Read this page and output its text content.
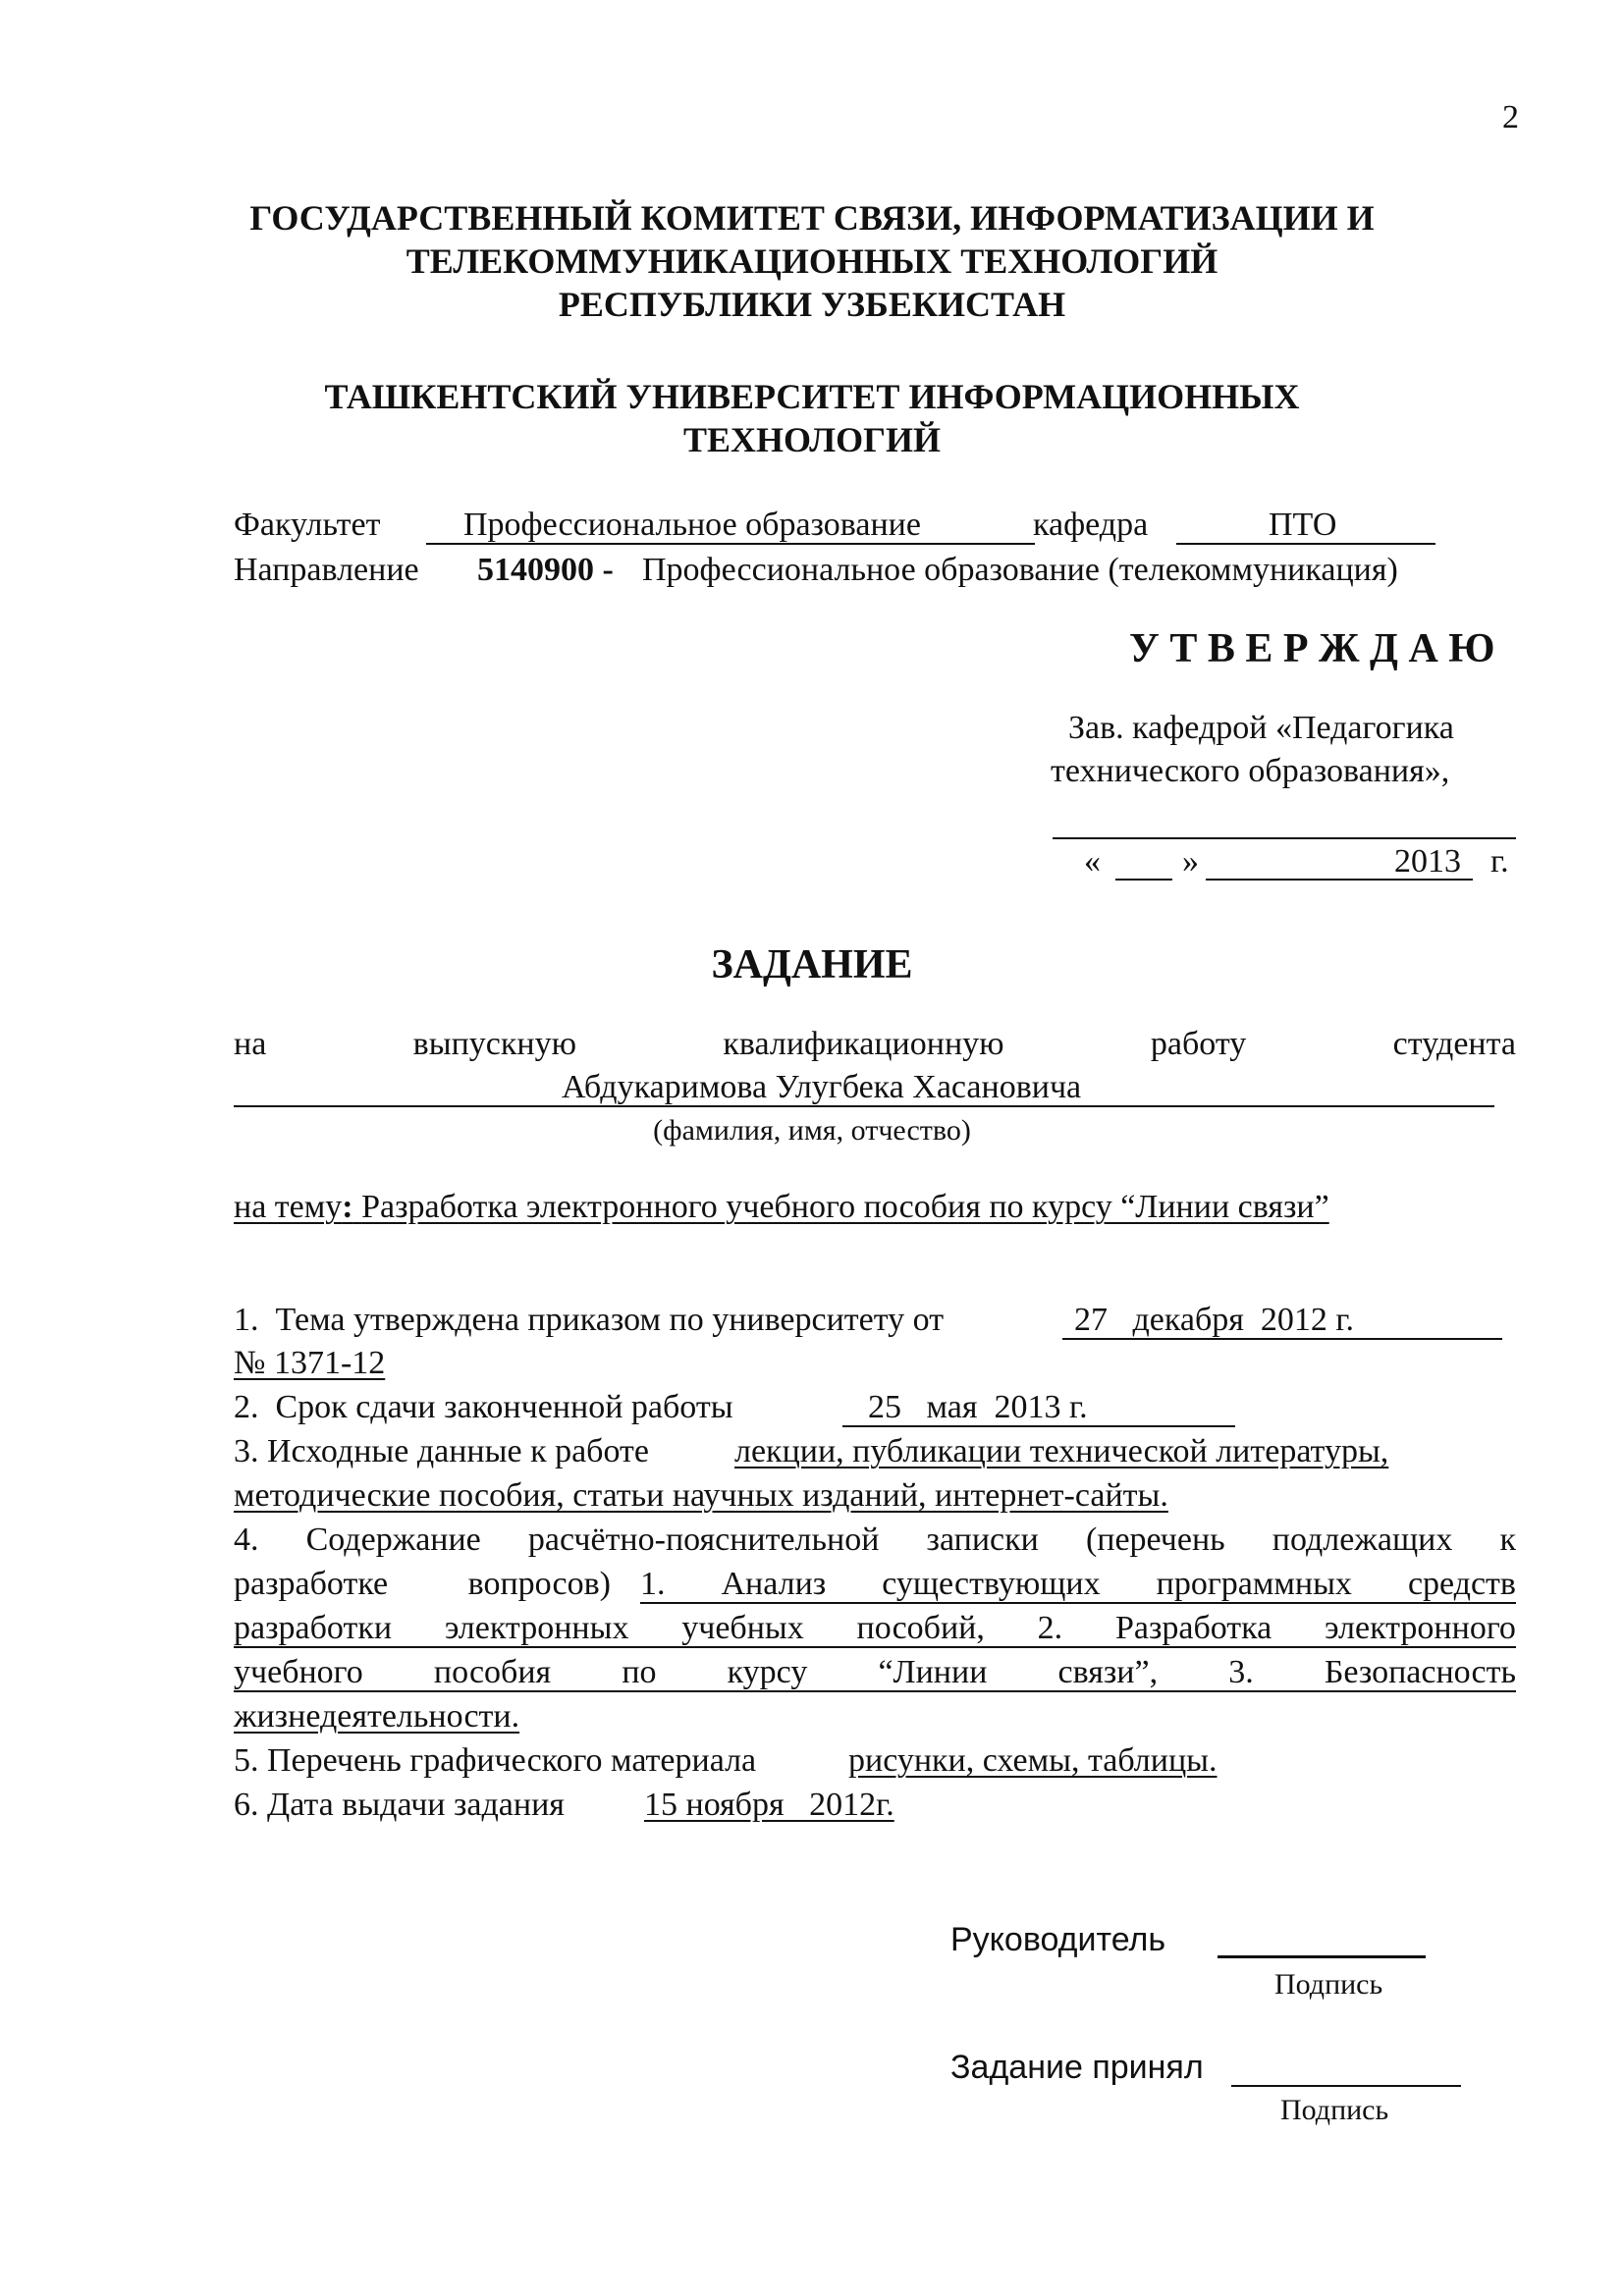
2
ГОСУДАРСТВЕННЫЙ КОМИТЕТ СВЯЗИ, ИНФОРМАТИЗАЦИИ И
ТЕЛЕКОММУНИКАЦИОННЫХ ТЕХНОЛОГИЙ
РЕСПУБЛИКИ УЗБЕКИСТАН
ТАШКЕНТСКИЙ УНИВЕРСИТЕТ ИНФОРМАЦИОННЫХ
ТЕХНОЛОГИЙ
Факультет Профессиональное образование	кафедра	ПТО
Направление 5140900 - Профессиональное образование (телекоммуникация)
У Т В Е Р Ж Д А Ю
Зав. кафедрой «Педагогика
технического образования»,
« »	2013 г.
ЗАДАНИЕ
на	выпускную	квалификационную	работу	студента
Абдукаримова Улугбека Хасановича
(фамилия, имя, отчество)
на тему: Разработка электронного учебного пособия по курсу “Линии связи”
1.  Тема утверждена приказом по университету от	27   декабря  2012 г.
№ 1371-12
2.  Срок сдачи законченной работы	25   мая  2013 г.
3. Исходные данные к работе	лекции, публикации технической литературы,
методические пособия, статьи научных изданий, интернет-сайты.
4. Содержание расчётно-пояснительной записки (перечень подлежащих к
разработке вопросов) 1. Анализ существующих программных средств
разработки электронных учебных пособий, 2. Разработка электронного
учебного пособия по курсу “Линии связи”, 3. Безопасность
жизнедеятельности.
5. Перечень графического материала	рисунки, схемы, таблицы.
6. Дата выдачи задания 15 ноября   2012г.
Руководитель
Подпись
Задание принял
Подпись
